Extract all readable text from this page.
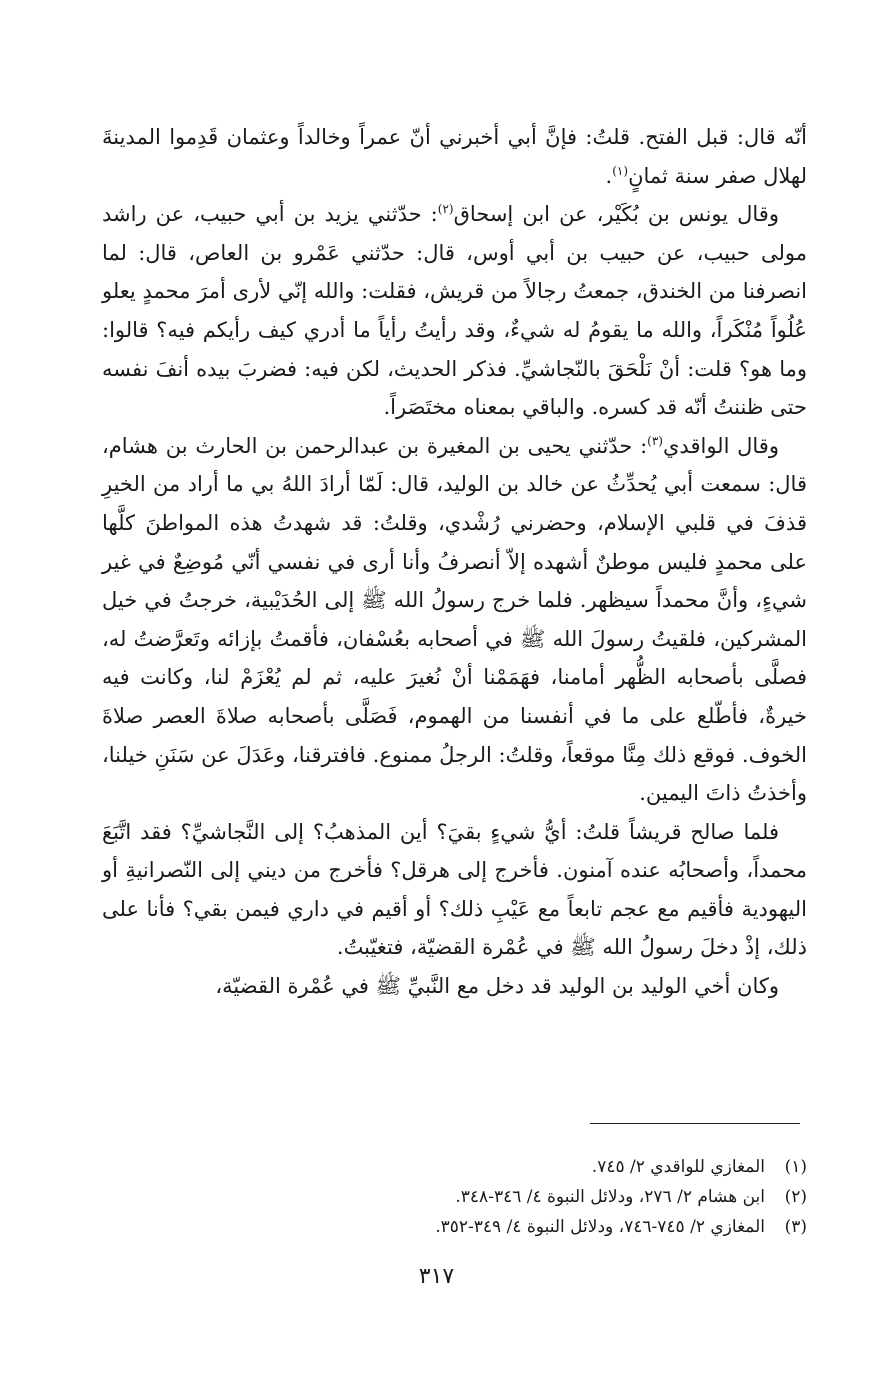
أنّه قال: قبل الفتح. قلتُ: فإنَّ أبي أخبرني أنّ عمراً وخالداً وعثمان قَدِموا المدينةَ لهلال صفر سنة ثمانٍ$^{(١)}$.

وقال يونس بن بُكَيْر، عن ابن إسحاق$^{(٢)}$: حدّثني يزيد بن أبي حبيب، عن راشد مولى حبيب، عن حبيب بن أبي أوس، قال: حدّثني عَمْرو بن العاص، قال: لما انصرفنا من الخندق، جمعتُ رجالاً من قريش، فقلت: والله إنّي لأرى أمرَ محمدٍ يعلو عُلُواً مُنْكَراً، والله ما يقومُ له شيءٌ، وقد رأيتُ رأياً ما أدري كيف رأيكم فيه؟ قالوا: وما هو؟ قلت: أنْ نَلْحَقَ بالنّجاشيِّ. فذكر الحديث، لكن فيه: فضربَ بيده أنفَ نفسه حتى ظننتُ أنّه قد كسره. والباقي بمعناه مختَصَراً.

وقال الواقدي$^{(٣)}$: حدّثني يحيى بن المغيرة بن عبدالرحمن بن الحارث بن هشام، قال: سمعت أبي يُحدِّثُ عن خالد بن الوليد، قال: لَمّا أرادَ اللهُ بي ما أراد من الخيرِ قذفَ في قلبي الإسلام، وحضرني رُشْدي، وقلتُ: قد شهدتُ هذه المواطنَ كلَّها على محمدٍ فليس موطنٌ أشهده إلاّ أنصرفُ وأنا أرى في نفسي أنّي مُوضِعٌ في غير شيءٍ، وأنَّ محمداً سيظهر. فلما خرج رسولُ الله ﷺ إلى الحُدَيْبية، خرجتُ في خيل المشركين، فلقيتُ رسولَ الله ﷺ في أصحابه بعُسْفان، فأقمتُ بإزائه وتَعرَّضتُ له، فصلَّى بأصحابه الظُّهر أمامنا، فهَمَمْنا أنْ نُغيرَ عليه، ثم لم يُعْزَمْ لنا، وكانت فيه خيرةٌ، فأطّلع على ما في أنفسنا من الهموم، فَصَلَّى بأصحابه صلاةَ العصر صلاةَ الخوف. فوقع ذلك مِنَّا موقعاً، وقلتُ: الرجلُ ممنوع. فافترقنا، وعَدَلَ عن سَنَنِ خيلنا، وأخذتُ ذاتَ اليمين.

فلما صالح قريشاً قلتُ: أيُّ شيءٍ بقيَ؟ أين المذهبُ؟ إلى النَّجاشيِّ؟ فقد اتَّبَعَ محمداً، وأصحابُه عنده آمنون. فأخرج إلى هرقل؟ فأخرج من ديني إلى النّصرانيةِ أو اليهودية فأقيم مع عجم تابعاً مع عَيْبِ ذلك؟ أو أقيم في داري فيمن بقي؟ فأنا على ذلك، إذْ دخلَ رسولُ الله ﷺ في عُمْرة القضيّة، فتغيّبتُ.

وكان أخي الوليد بن الوليد قد دخل مع النَّبيِّ ﷺ في عُمْرة القضيّة،

(١)
المغازي للواقدي ٢/ ٧٤٥.
(٢)
ابن هشام ٢/ ٢٧٦، ودلائل النبوة ٤/ ٣٤٦-٣٤٨.
(٣)
المغازي ٢/ ٧٤٥-٧٤٦، ودلائل النبوة ٤/ ٣٤٩-٣٥٢.
٣١٧
